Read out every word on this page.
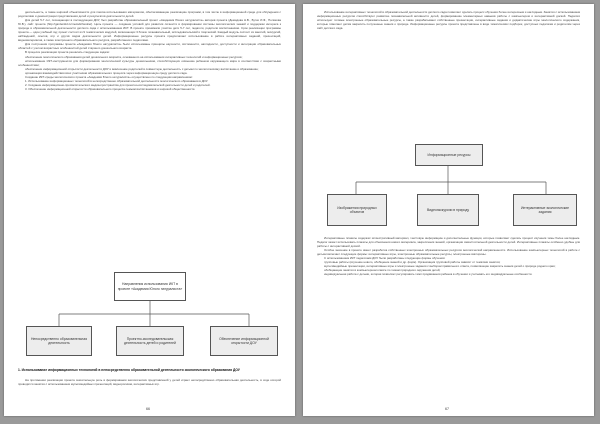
деятельность, а также широкой объективности для поиска использования материалов, обеспечивающие реализацию программ, в том числе в информационной среде для обсуждения с родителями и демонстрации представления детей и результатов деятельности детей.

Для детей 5-7 лет, посещающих в последующем ДОУ, был разработан образовательный проект «Академия Юного натуралиста» авторов проекта (Демидова Н.В., Бутко И.Ф., Полякова Ю.В.), сайт проекта (http://gardenkid.ru/metodicheskie/). Цель проекта — создание условий для развития личности в формировании системы экологических знаний и поддержки интереса к природе в образовательной деятельности детского сада с использованием ИКТ. В проекте принимали участие дети 5-7 лет, педагоги, родители воспитанников. Срок реализации программы проекта — один учебный год; проект состоит из 9 тематических модулей, включающих 3 блока: познавательный, исследовательский и творческий. Каждый модуль состоит из занятий, экскурсий, наблюдений, опытов, игр и других видов деятельности детей. Информационные ресурсы проекта предполагают использование в работе интерактивных заданий, презентаций, видеоматериалов, а также электронного образовательного ресурса, разработанного педагогами.

Для построения программы проекта «Академия Юного натуралиста» были использованы принципы научности, системности, наглядности, доступности и интеграции образовательных областей с учетом возрастных особенностей детей старшего дошкольного возраста.

В процессе реализации проекта решались следующие задачи:

обеспечение экологического образования детей дошкольного возраста, основанного на использовании интерактивных технологий и информационных ресурсов;

использование ИКТ-инструментов для формирования экологической культуры дошкольников, способствующих освоению ребенком окружающего мира в соответствии с возрастными особенностями;

обеспечение информационной открытости деятельности ДОУ и вовлечение родителей в совместную деятельность с детьми по экологическому воспитанию и образованию;

организация взаимодействия всех участников образовательного процесса через информационную среду детского сада.

Создание ИКТ-среды экологического проекта «Академия Юного натуралиста» осуществлено по следующим направлениям:

1. Использование информационных технологий в непосредственно образовательной деятельности экологического образования в ДОУ.

2. Создание информационно-просветительского медиа-пространства для проектно-исследовательской деятельности детей и родителей.

3. Обеспечение информационной открытости образовательного процесса семьям воспитанников и широкой общественности.

Направления использования ИКТ в проекте «Академия Юного натуралиста»
Непосредственно образовательная деятельность
Проектно-исследовательская деятельность детей и родителей
Обеспечение информационной открытости ДОУ
1. Использование информационных технологий в непосредственно образовательной деятельности экологического образования ДОУ

На протяжении реализации проекта значительную роль в формировании экологических представлений у детей играет непосредственно образовательная деятельность, в ходе которой проводятся занятия с использованием мультимедийных презентаций, видеороликов, интерактивных игр.

66

Использование интерактивных технологий в образовательной деятельности детского сада позволяет сделать процесс обучения более интересным и наглядным. Занятия с использованием информационных ресурсов способствуют развитию познавательной активности детей, формированию элементарных навыков работы с компьютером и интерактивной доской. Педагоги используют готовые электронные образовательные ресурсы, а также разрабатывают собственные презентации, интерактивные задания и дидактические игры экологического содержания, которые помогают детям закрепить полученные знания о природе. Информационные ресурсы проекта представлены в виде тематических подборок, доступных педагогам и родителям через сайт детского сада.

Информационные ресурсы
Изображения природных объектов
Видеоэкскурсии в природу
Интерактивные экологические задания

Интерактивные плакаты содержат иллюстративный материал, текстовую информацию и дополнительные функции, которые позволяют сделать процесс изучения темы более наглядным. Педагог может использовать плакаты для объяснения нового материала, закрепления знаний, организации самостоятельной деятельности детей. Интерактивные плакаты особенно удобны для работы с интерактивной доской.

Особое значение в проекте имеет разработка собственных электронных образовательных ресурсов экологической направленности. Использование компьютерных технологий в работе с детьми включает следующие формы: интерактивные игры, электронные образовательные ресурсы, электронные викторины.

С использованием ИКТ педагогами ДОУ были разработаны следующие формы обучения:

групповые работы (изучение нового, обобщение знаний и др. форм). Организация групповой работы зависит от тематики занятия;

мультимедийные презентации, интерактивные игры и электронные задания с выбором правильного ответа, позволяющие закрепить знания детей о природе родного края;

обобщающие занятия в компьютерном классе по темам природного окружения детей;

индивидуальная работа с детьми, которая позволяет регулировать темп продвижения ребенка в обучении и учитывать его индивидуальные особенности.

67
